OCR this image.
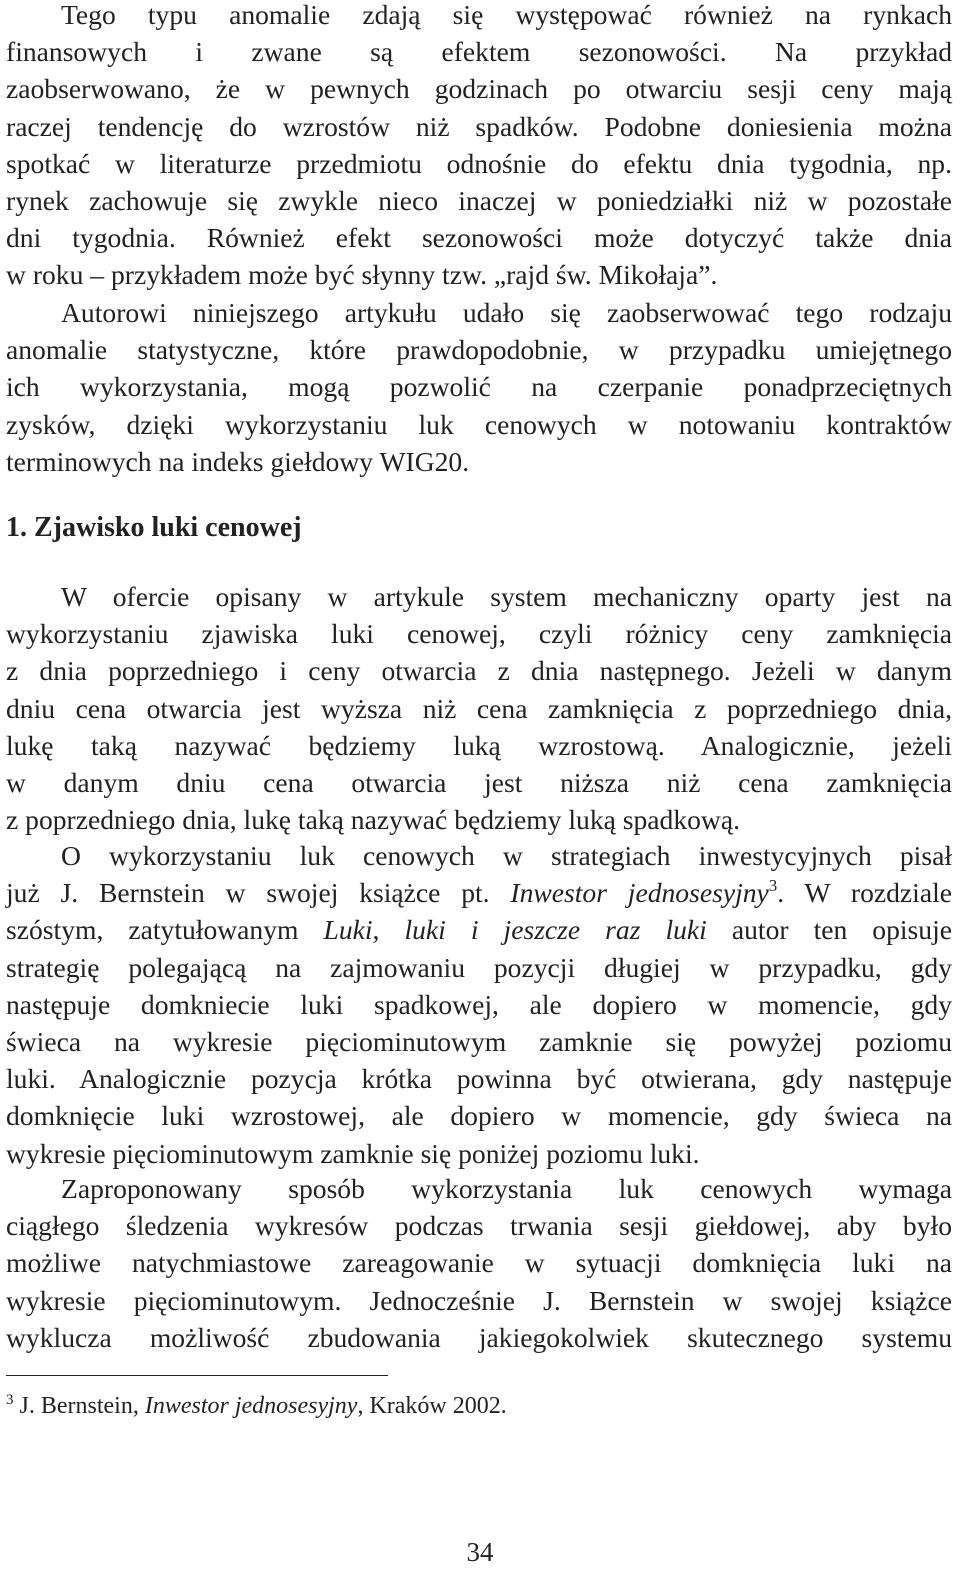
Tego typu anomalie zdają się występować również na rynkach
finansowych i zwane są efektem sezonowości. Na przykład
zaobserwowano, że w pewnych godzinach po otwarciu sesji ceny mają
raczej tendencję do wzrostów niż spadków. Podobne doniesienia można
spotkać w literaturze przedmiotu odnośnie do efektu dnia tygodnia, np.
rynek zachowuje się zwykle nieco inaczej w poniedziałki niż w pozostałe
dni tygodnia. Również efekt sezonowości może dotyczyć także dnia
w roku – przykładem może być słynny tzw. „rajd św. Mikołaja”.
Autorowi niniejszego artykułu udało się zaobserwować tego rodzaju
anomalie statystyczne, które prawdopodobnie, w przypadku umiejętnego
ich wykorzystania, mogą pozwolić na czerpanie ponadprzeciętnych
zysków, dzięki wykorzystaniu luk cenowych w notowaniu kontraktów
terminowych na indeks giełdowy WIG20.
1. Zjawisko luki cenowej
W ofercie opisany w artykule system mechaniczny oparty jest na
wykorzystaniu zjawiska luki cenowej, czyli różnicy ceny zamknięcia
z dnia poprzedniego i ceny otwarcia z dnia następnego. Jeżeli w danym
dniu cena otwarcia jest wyższa niż cena zamknięcia z poprzedniego dnia,
lukę taką nazywać będziemy luką wzrostową. Analogicznie, jeżeli
w danym dniu cena otwarcia jest niższa niż cena zamknięcia
z poprzedniego dnia, lukę taką nazywać będziemy luką spadkową.
O wykorzystaniu luk cenowych w strategiach inwestycyjnych pisał
już J. Bernstein w swojej książce pt. Inwestor jednosesyjny$^3$. W rozdziale
szóstym, zatytułowanym Luki, luki i jeszcze raz luki autor ten opisuje
strategię polegającą na zajmowaniu pozycji długiej w przypadku, gdy
następuje domkniecie luki spadkowej, ale dopiero w momencie, gdy
świeca na wykresie pięciominutowym zamknie się powyżej poziomu
luki. Analogicznie pozycja krótka powinna być otwierana, gdy następuje
domknięcie luki wzrostowej, ale dopiero w momencie, gdy świeca na
wykresie pięciominutowym zamknie się poniżej poziomu luki.
Zaproponowany sposób wykorzystania luk cenowych wymaga
ciągłego śledzenia wykresów podczas trwania sesji giełdowej, aby było
możliwe natychmiastowe zareagowanie w sytuacji domknięcia luki na
wykresie pięciominutowym. Jednocześnie J. Bernstein w swojej książce
wyklucza możliwość zbudowania jakiegokolwiek skutecznego systemu

$^3$ J. Bernstein, Inwestor jednosesyjny, Kraków 2002.

34
